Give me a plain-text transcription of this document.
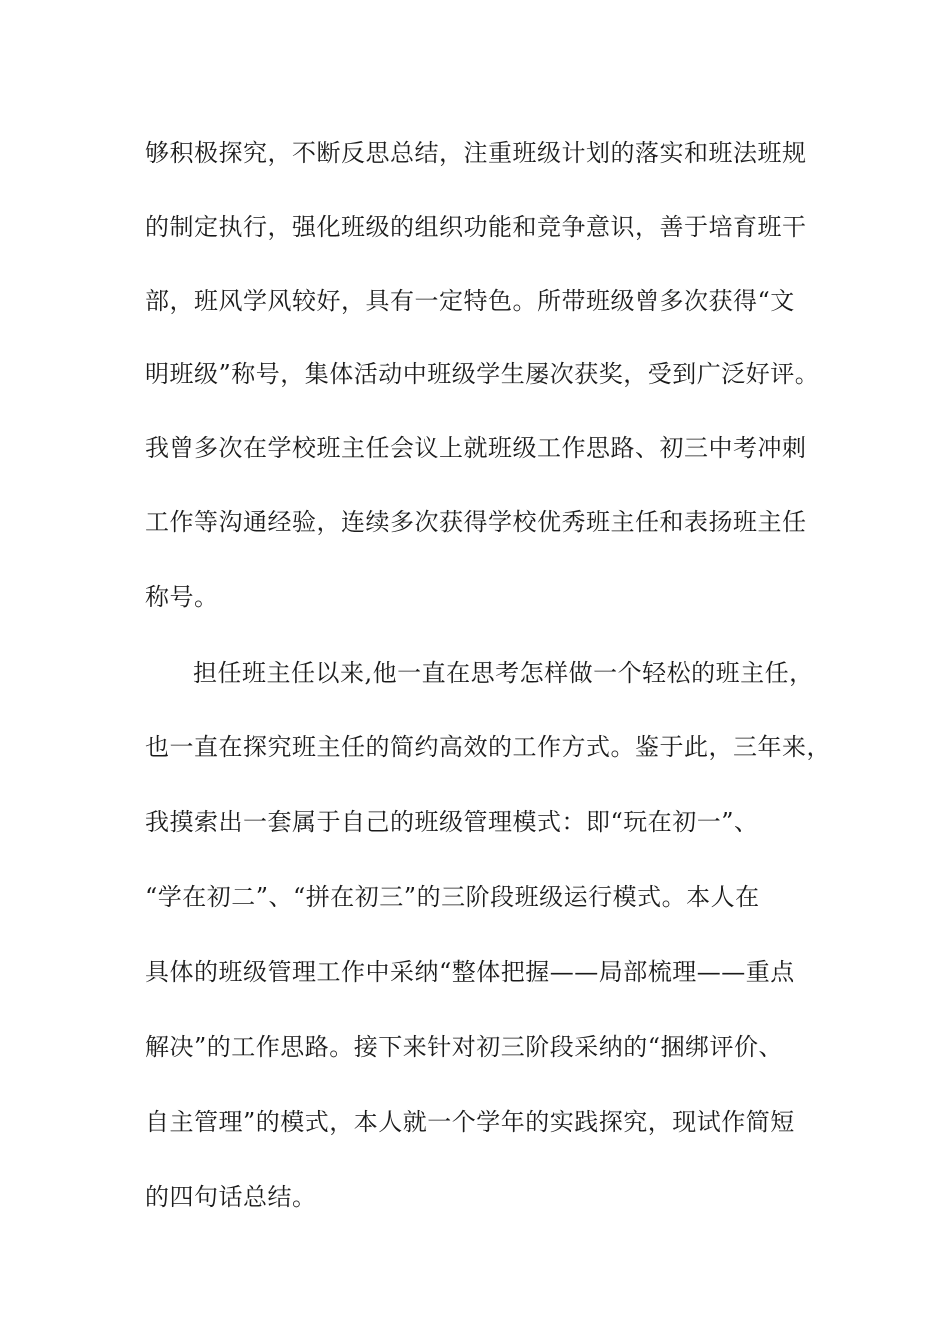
够积极探究，不断反思总结，注重班级计划的落实和班法班规
的制定执行，强化班级的组织功能和竞争意识，善于培育班干
部，班风学风较好，具有一定特色。所带班级曾多次获得“文
明班级”称号，集体活动中班级学生屡次获奖，受到广泛好评。
我曾多次在学校班主任会议上就班级工作思路、初三中考冲刺
工作等沟通经验，连续多次获得学校优秀班主任和表扬班主任
称号。
担任班主任以来,他一直在思考怎样做一个轻松的班主任，
也一直在探究班主任的简约高效的工作方式。鉴于此，三年来，
我摸索出一套属于自己的班级管理模式：即“玩在初一”、
“学在初二”、“拼在初三”的三阶段班级运行模式。本人在
具体的班级管理工作中采纳“整体把握——局部梳理——重点
解决”的工作思路。接下来针对初三阶段采纳的“捆绑评价、
自主管理”的模式，本人就一个学年的实践探究，现试作简短
的四句话总结。
